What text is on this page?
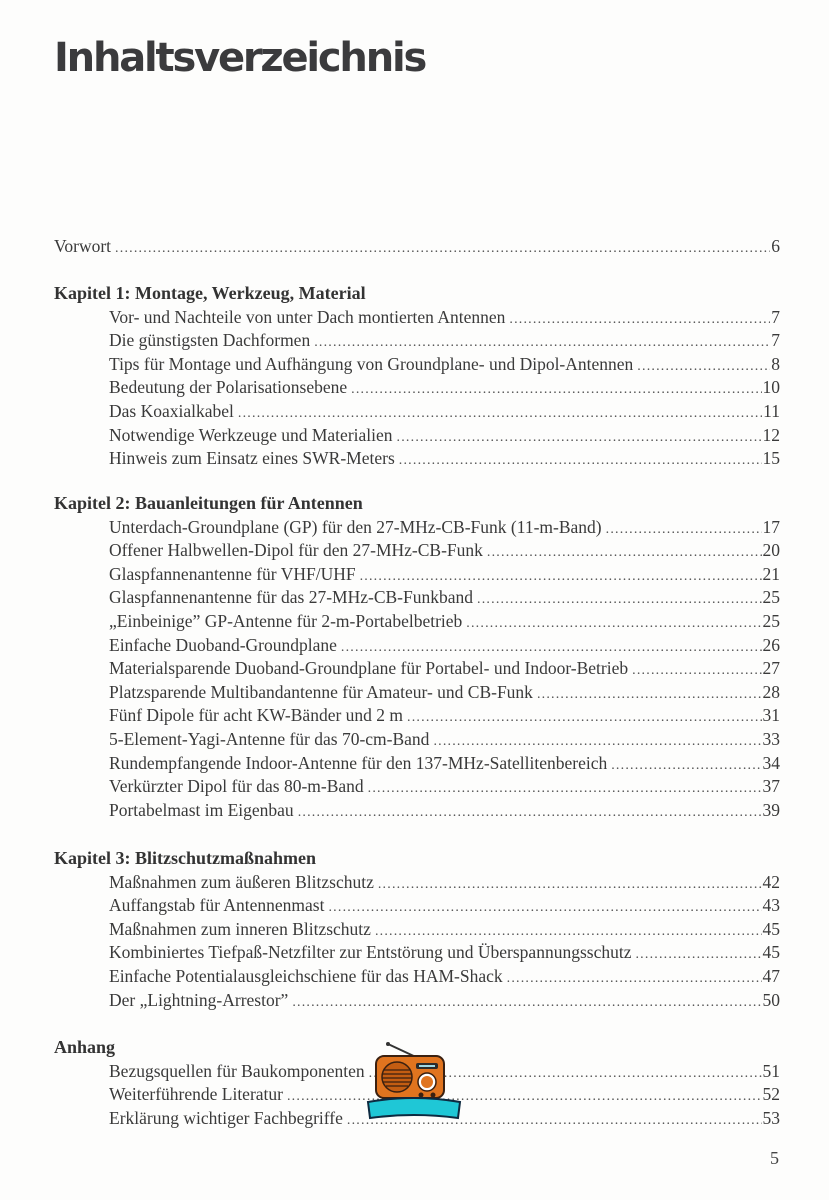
Inhaltsverzeichnis
Vorwort .....	6
Kapitel 1: Montage, Werkzeug, Material
Vor- und Nachteile von unter Dach montierten Antennen .....	7
Die günstigsten Dachformen .....	7
Tips für Montage und Aufhängung von Groundplane- und Dipol-Antennen .....	8
Bedeutung der Polarisationsebene .....	10
Das Koaxialkabel .....	11
Notwendige Werkzeuge und Materialien .....	12
Hinweis zum Einsatz eines SWR-Meters .....	15
Kapitel 2: Bauanleitungen für Antennen
Unterdach-Groundplane (GP) für den 27-MHz-CB-Funk (11-m-Band) .....	17
Offener Halbwellen-Dipol für den 27-MHz-CB-Funk .....	20
Glaspfannenantenne für VHF/UHF .....	21
Glaspfannenantenne für das 27-MHz-CB-Funkband .....	25
„Einbeinige” GP-Antenne für 2-m-Portabelbetrieb .....	25
Einfache Duoband-Groundplane .....	26
Materialsparende Duoband-Groundplane für Portabel- und Indoor-Betrieb .....	27
Platzsparende Multibandantenne für Amateur- und CB-Funk .....	28
Fünf Dipole für acht KW-Bänder und 2 m .....	31
5-Element-Yagi-Antenne für das 70-cm-Band .....	33
Rundempfangende Indoor-Antenne für den 137-MHz-Satellitenbereich .....	34
Verkürzter Dipol für das 80-m-Band .....	37
Portabelmast im Eigenbau .....	39
Kapitel 3: Blitzschutzmaßnahmen
Maßnahmen zum äußeren Blitzschutz .....	42
Auffangstab für Antennenmast .....	43
Maßnahmen zum inneren Blitzschutz .....	45
Kombiniertes Tiefpaß-Netzfilter zur Entstörung und Überspannungsschutz .....	45
Einfache Potentialausgleichschiene für das HAM-Shack .....	47
Der „Lightning-Arrestor” .....	50
Anhang
Bezugsquellen für Baukomponenten .....	51
Weiterführende Literatur .....	52
Erklärung wichtiger Fachbegriffe .....	53
5
